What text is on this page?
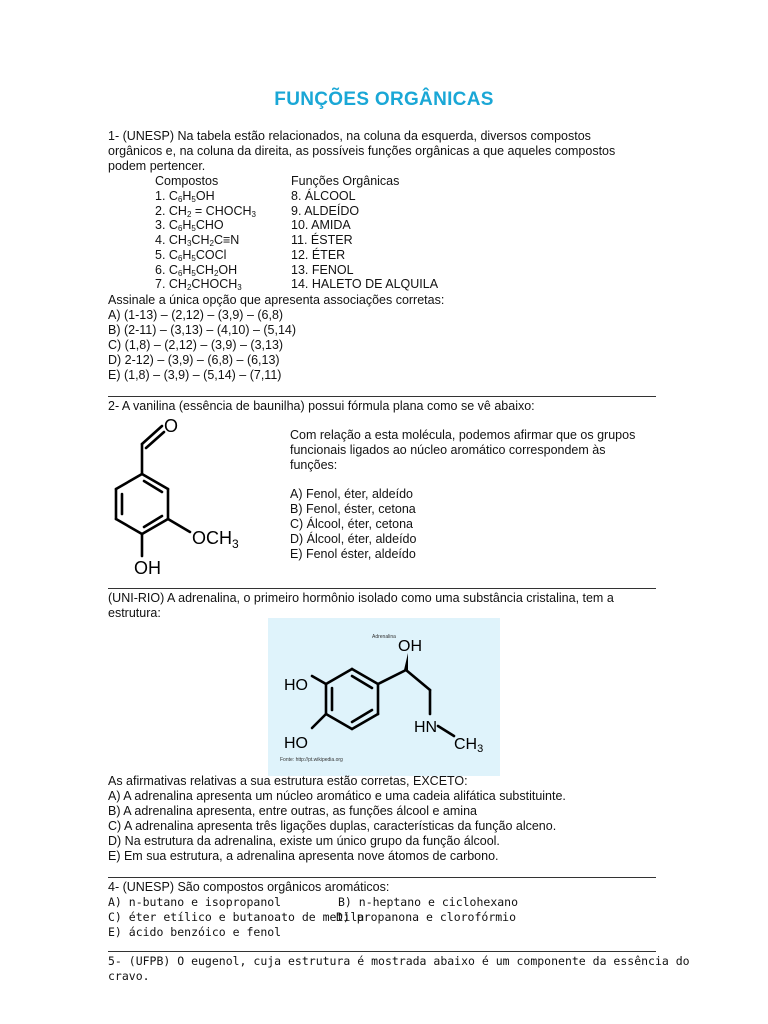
FUNÇÕES ORGÂNICAS
1- (UNESP) Na tabela estão relacionados, na coluna da esquerda, diversos compostos
orgânicos e, na coluna da direita, as possíveis funções orgânicas a que aqueles compostos
podem pertencer.
Compostos	Funções Orgânicas
1. $C_6H_5OH$
2. $CH_2$ = $CHOCH_3$
3. $C_6H_5CHO$
4. $CH_3CH_2C\equiv N$
5. $C_6H_5COCl$
6. $C_6H_5CH_2OH$
7. $CH_2CHOCH_3$
8. ÁLCOOL
9. ALDEÍDO
10. AMIDA
11. ÉSTER
12. ÉTER
13. FENOL
14. HALETO DE ALQUILA
Assinale a única opção que apresenta associações corretas:
A) (1-13) – (2,12) – (3,9) – (6,8)
B) (2-11) – (3,13) – (4,10) – (5,14)
C) (1,8) – (2,12) – (3,9) – (3,13)
D) 2-12) – (3,9) – (6,8) – (6,13)
E) (1,8) – (3,9) – (5,14) – (7,11)
2- A vanilina (essência de baunilha) possui fórmula plana como se vê abaixo:
O
$OCH_3$
OH
Com relação a esta molécula, podemos afirmar que os grupos
funcionais ligados ao núcleo aromático correspondem às
funções:
A) Fenol, éter, aldeído
B) Fenol, éster, cetona
C) Álcool, éter, cetona
D) Álcool, éter, aldeído
E) Fenol éster, aldeído
(UNI-RIO) A adrenalina, o primeiro hormônio isolado como uma substância cristalina, tem a
estrutura:
Adrenalina
OH
HO
HO
HN
CH3
Fonte: http://pt.wikipedia.org
As afirmativas relativas a sua estrutura estão corretas, EXCETO:
A) A adrenalina apresenta um núcleo aromático e uma cadeia alifática substituinte.
B) A adrenalina apresenta, entre outras, as funções álcool e amina
C) A adrenalina apresenta três ligações duplas, características da função alceno.
D) Na estrutura da adrenalina, existe um único grupo da função álcool.
E) Em sua estrutura, a adrenalina apresenta nove átomos de carbono.
4- (UNESP) São compostos orgânicos aromáticos:
A) n-butano e isopropanol	B) n-heptano e ciclohexano
C) éter etílico e butanoato de metila
D) propanona e clorofórmio
E) ácido benzóico e fenol
5- (UFPB) O eugenol, cuja estrutura é mostrada abaixo é um componente da essência do
cravo.
